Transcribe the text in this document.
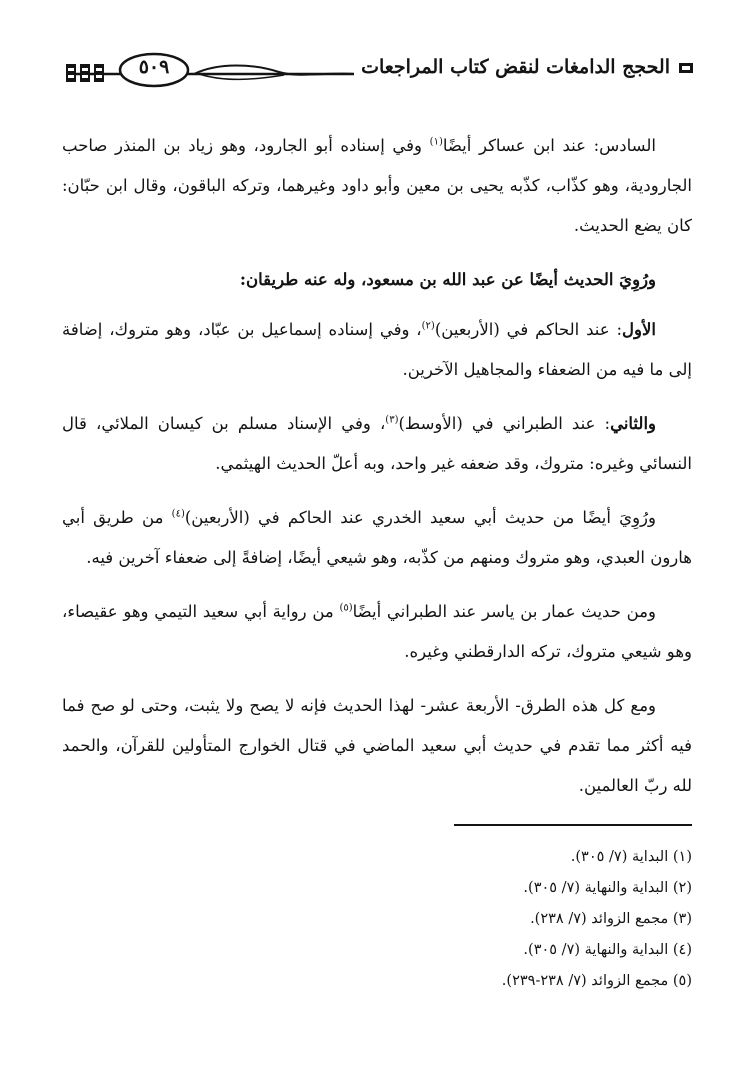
الحجج الدامغات لنقض كتاب المراجعات
٥٠٩

السادس: عند ابن عساكر أيضًا$^{(١)}$ وفي إسناده أبو الجارود، وهو زياد بن المنذر صاحب الجارودية، وهو كذّاب، كذّبه يحيى بن معين وأبو داود وغيرهما، وتركه الباقون، وقال ابن حبّان: كان يضع الحديث.

ورُوِيَ الحديث أيضًا عن عبد الله بن مسعود، وله عنه طريقان:

الأول: عند الحاكم في (الأربعين)$^{(٢)}$، وفي إسناده إسماعيل بن عبّاد، وهو متروك، إضافة إلى ما فيه من الضعفاء والمجاهيل الآخرين.

والثاني: عند الطبراني في (الأوسط)$^{(٣)}$، وفي الإسناد مسلم بن كيسان الملائي، قال النسائي وغيره: متروك، وقد ضعفه غير واحد، وبه أعلّ الحديث الهيثمي.

ورُوِيَ أيضًا من حديث أبي سعيد الخدري عند الحاكم في (الأربعين)$^{(٤)}$ من طريق أبي هارون العبدي، وهو متروك ومنهم من كذّبه، وهو شيعي أيضًا، إضافةً إلى ضعفاء آخرين فيه.

ومن حديث عمار بن ياسر عند الطبراني أيضًا$^{(٥)}$ من رواية أبي سعيد التيمي وهو عقيصاء، وهو شيعي متروك، تركه الدارقطني وغيره.

ومع كل هذه الطرق- الأربعة عشر- لهذا الحديث فإنه لا يصح ولا يثبت، وحتى لو صح فما فيه أكثر مما تقدم في حديث أبي سعيد الماضي في قتال الخوارج المتأولين للقرآن، والحمد لله ربّ العالمين.

(١) البداية (٧/ ٣٠٥).
(٢) البداية والنهاية (٧/ ٣٠٥).
(٣) مجمع الزوائد (٧/ ٢٣٨).
(٤) البداية والنهاية (٧/ ٣٠٥).
(٥) مجمع الزوائد (٧/ ٢٣٨-٢٣٩).
